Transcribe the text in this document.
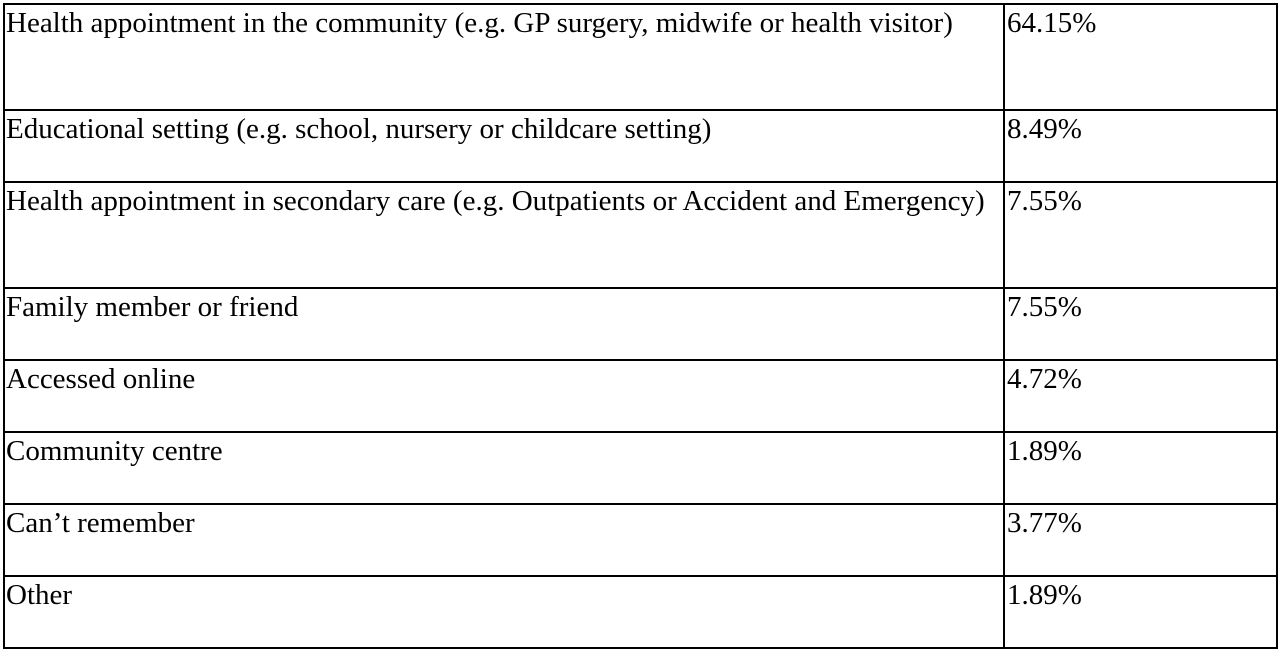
Health appointment in the community (e.g. GP surgery, midwife or health visitor)	64.15%
Educational setting (e.g. school, nursery or childcare setting)	8.49%
Health appointment in secondary care (e.g. Outpatients or Accident and Emergency)	7.55%
Family member or friend	7.55%
Accessed online	4.72%
Community centre	1.89%
Can’t remember	3.77%
Other	1.89%
